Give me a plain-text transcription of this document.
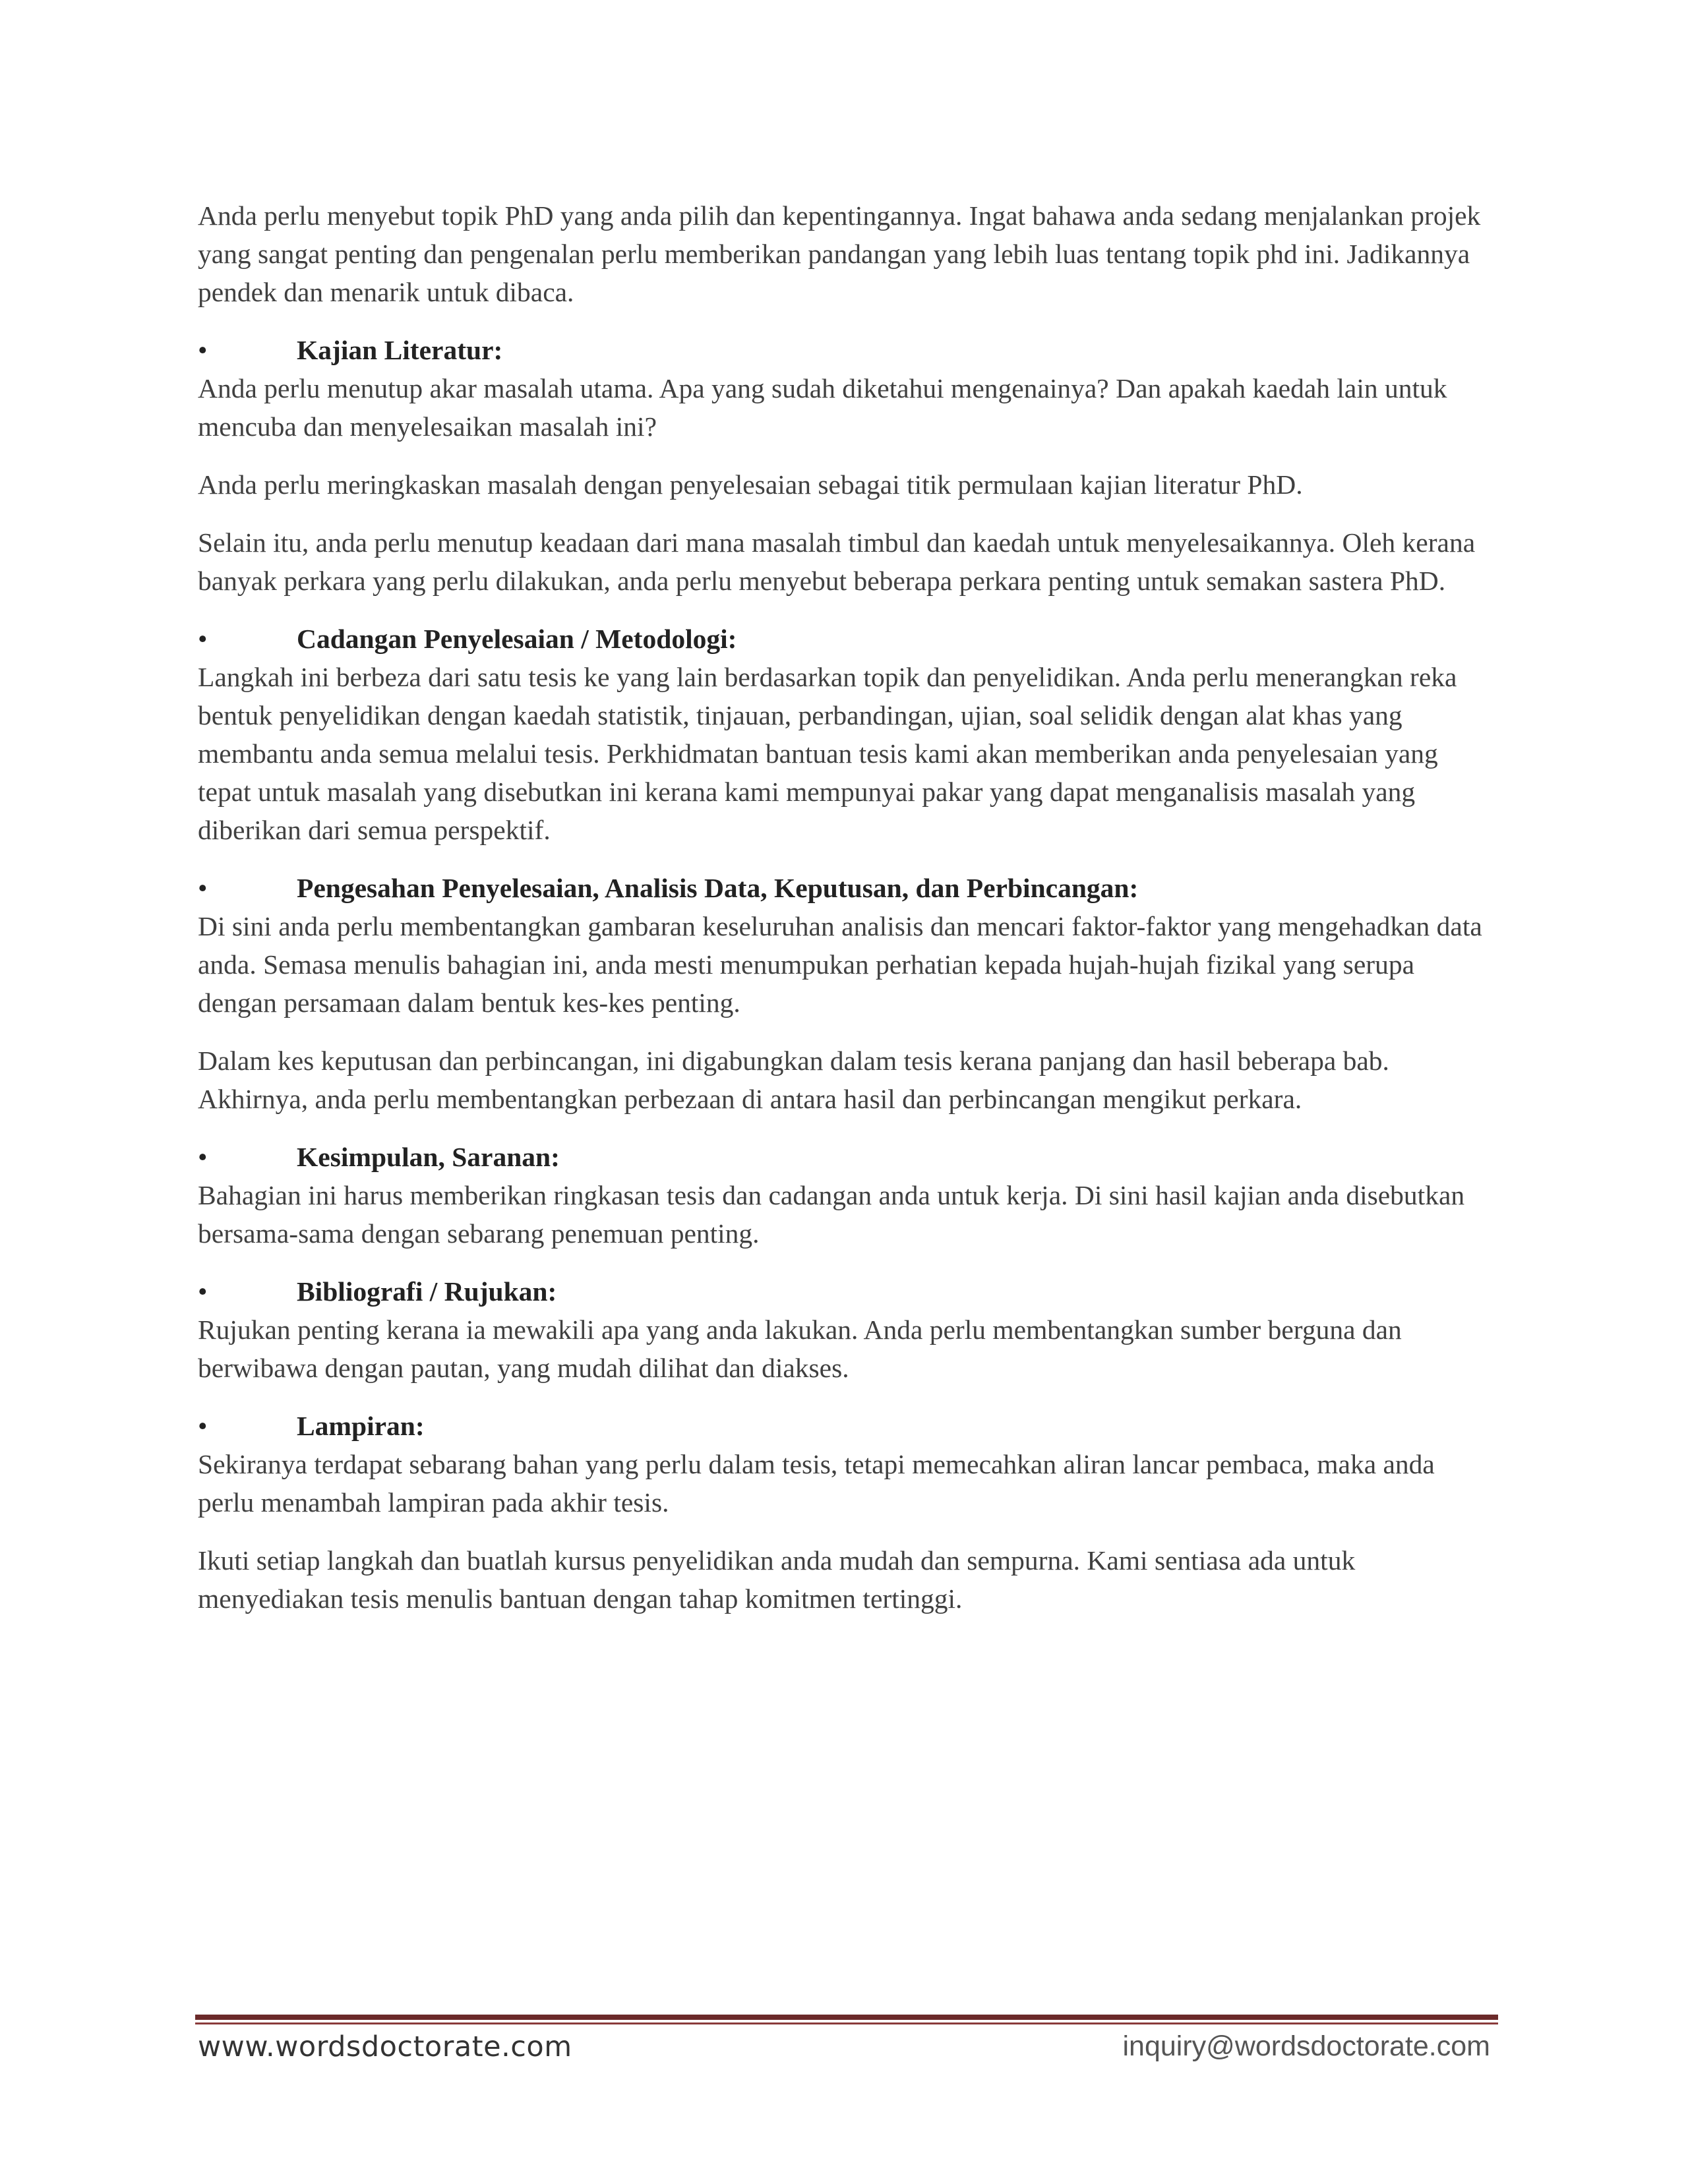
Anda perlu menyebut topik PhD yang anda pilih dan kepentingannya. Ingat bahawa anda sedang menjalankan projek yang sangat penting dan pengenalan perlu memberikan pandangan yang lebih luas tentang topik phd ini. Jadikannya pendek dan menarik untuk dibaca.

•	Kajian Literatur:

Anda perlu menutup akar masalah utama. Apa yang sudah diketahui mengenainya? Dan apakah kaedah lain untuk mencuba dan menyelesaikan masalah ini?

Anda perlu meringkaskan masalah dengan penyelesaian sebagai titik permulaan kajian literatur PhD.

Selain itu, anda perlu menutup keadaan dari mana masalah timbul dan kaedah untuk menyelesaikannya. Oleh kerana banyak perkara yang perlu dilakukan, anda perlu menyebut beberapa perkara penting untuk semakan sastera PhD.

•	Cadangan Penyelesaian / Metodologi:

Langkah ini berbeza dari satu tesis ke yang lain berdasarkan topik dan penyelidikan. Anda perlu menerangkan reka bentuk penyelidikan dengan kaedah statistik, tinjauan, perbandingan, ujian, soal selidik dengan alat khas yang membantu anda semua melalui tesis. Perkhidmatan bantuan tesis kami akan memberikan anda penyelesaian yang tepat untuk masalah yang disebutkan ini kerana kami mempunyai pakar yang dapat menganalisis masalah yang diberikan dari semua perspektif.

•	Pengesahan Penyelesaian, Analisis Data, Keputusan, dan Perbincangan:

Di sini anda perlu membentangkan gambaran keseluruhan analisis dan mencari faktor-faktor yang mengehadkan data anda. Semasa menulis bahagian ini, anda mesti menumpukan perhatian kepada hujah-hujah fizikal yang serupa dengan persamaan dalam bentuk kes-kes penting.

Dalam kes keputusan dan perbincangan, ini digabungkan dalam tesis kerana panjang dan hasil beberapa bab. Akhirnya, anda perlu membentangkan perbezaan di antara hasil dan perbincangan mengikut perkara.

•	Kesimpulan, Saranan:

Bahagian ini harus memberikan ringkasan tesis dan cadangan anda untuk kerja. Di sini hasil kajian anda disebutkan bersama-sama dengan sebarang penemuan penting.

•	Bibliografi / Rujukan:

Rujukan penting kerana ia mewakili apa yang anda lakukan. Anda perlu membentangkan sumber berguna dan berwibawa dengan pautan, yang mudah dilihat dan diakses.

•	Lampiran:

Sekiranya terdapat sebarang bahan yang perlu dalam tesis, tetapi memecahkan aliran lancar pembaca, maka anda perlu menambah lampiran pada akhir tesis.

Ikuti setiap langkah dan buatlah kursus penyelidikan anda mudah dan sempurna. Kami sentiasa ada untuk menyediakan tesis menulis bantuan dengan tahap komitmen tertinggi.

www.wordsdoctorate.com	inquiry@wordsdoctorate.com
